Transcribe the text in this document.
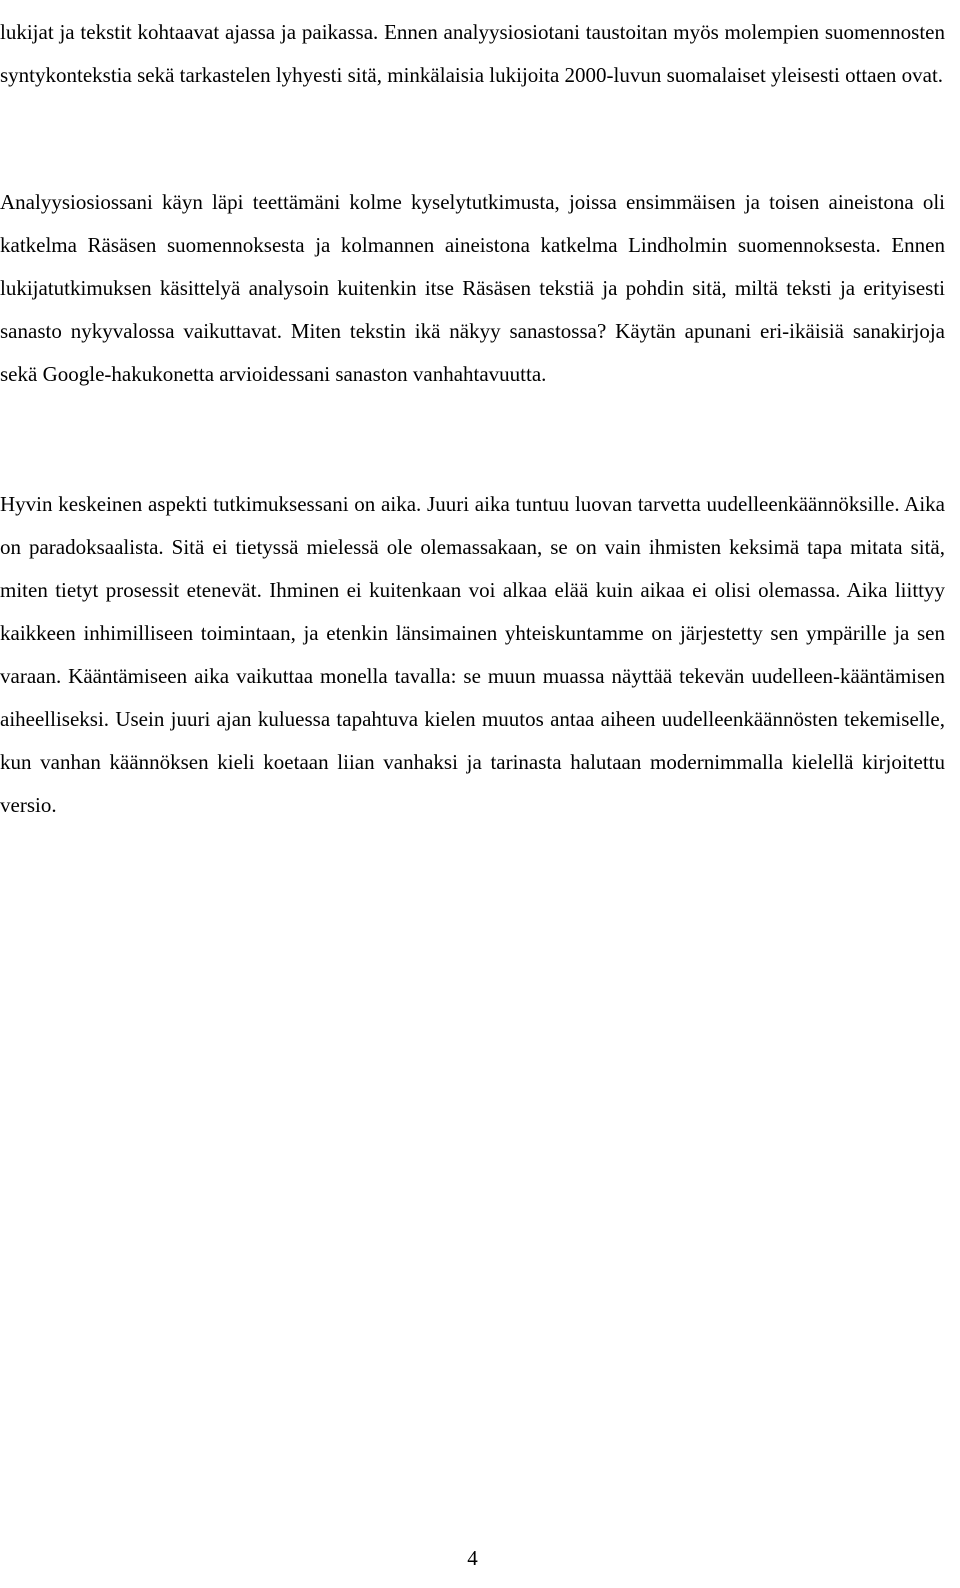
lukijat ja tekstit kohtaavat ajassa ja paikassa. Ennen analyysiosiotani taustoitan myös molempien suomennosten syntykontekstia sekä tarkastelen lyhyesti sitä, minkälaisia lukijoita 2000-luvun suomalaiset yleisesti ottaen ovat.

Analyysiosiossani käyn läpi teettämäni kolme kyselytutkimusta, joissa ensimmäisen ja toisen aineistona oli katkelma Räsäsen suomennoksesta ja kolmannen aineistona katkelma Lindholmin suomennoksesta. Ennen lukijatutkimuksen käsittelyä analysoin kuitenkin itse Räsäsen tekstiä ja pohdin sitä, miltä teksti ja erityisesti sanasto nykyvalossa vaikuttavat. Miten tekstin ikä näkyy sanastossa? Käytän apunani eri-ikäisiä sanakirjoja sekä Google-hakukonetta arvioidessani sanaston vanhahtavuutta.

Hyvin keskeinen aspekti tutkimuksessani on aika. Juuri aika tuntuu luovan tarvetta uudelleenkäännöksille. Aika on paradoksaalista. Sitä ei tietyssä mielessä ole olemassakaan, se on vain ihmisten keksimä tapa mitata sitä, miten tietyt prosessit etenevät. Ihminen ei kuitenkaan voi alkaa elää kuin aikaa ei olisi olemassa. Aika liittyy kaikkeen inhimilliseen toimintaan, ja etenkin länsimainen yhteiskuntamme on järjestetty sen ympärille ja sen varaan. Kääntämiseen aika vaikuttaa monella tavalla: se muun muassa näyttää tekevän uudelleen-kääntämisen aiheelliseksi. Usein juuri ajan kuluessa tapahtuva kielen muutos antaa aiheen uudelleenkäännösten tekemiselle, kun vanhan käännöksen kieli koetaan liian vanhaksi ja tarinasta halutaan modernimmalla kielellä kirjoitettu versio.

4
